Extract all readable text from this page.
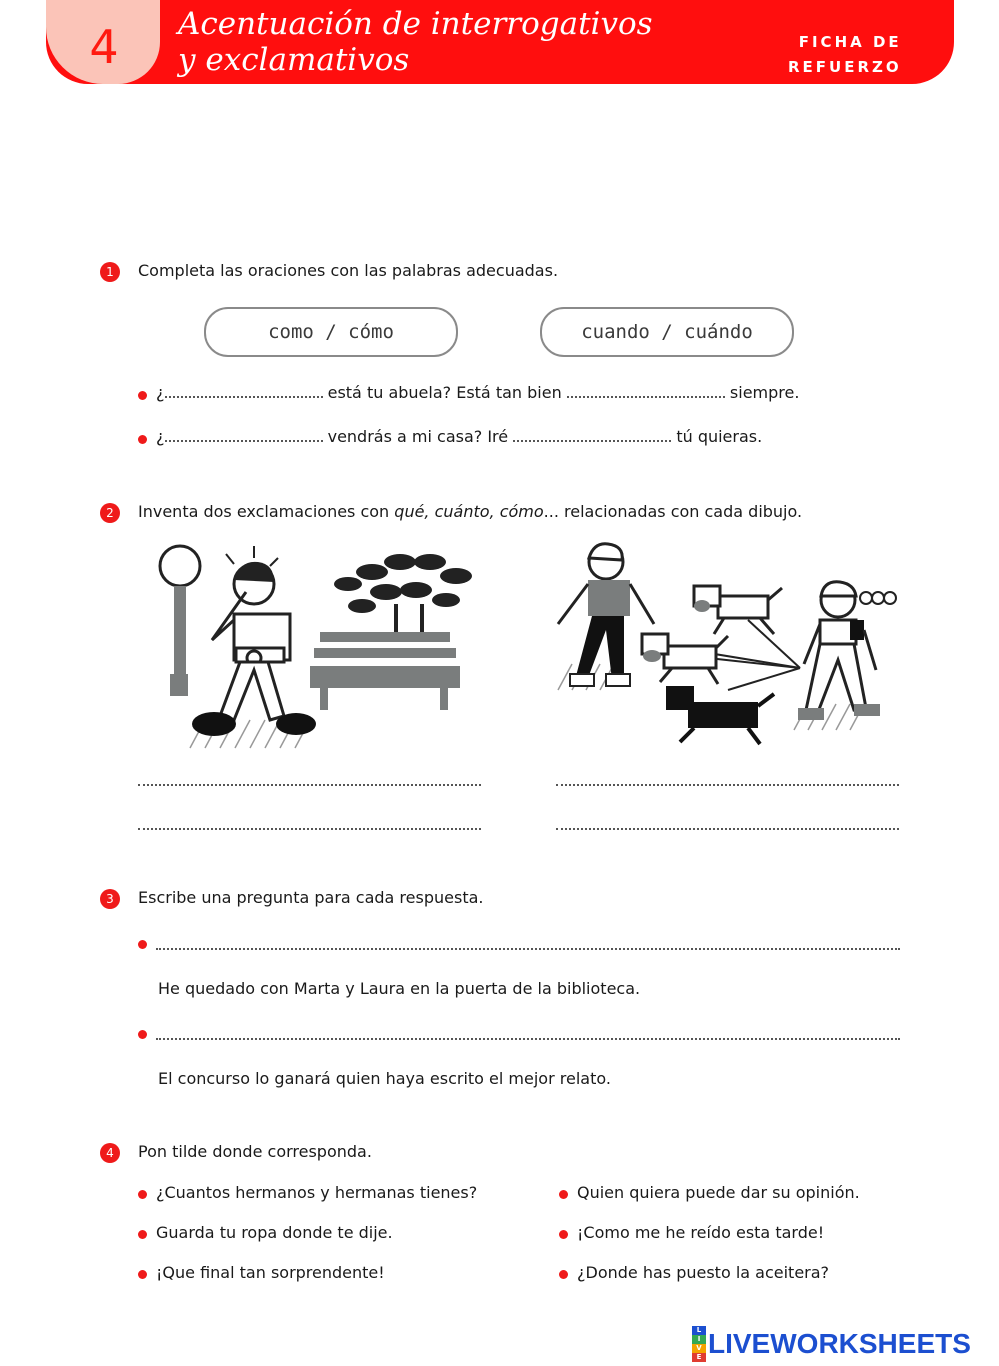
4 Acentuación de interrogativos
y exclamativos	FICHA DE
REFUERZO
1	Completa las oraciones con las palabras adecuadas.
como / cómo	cuando / cuándo
¿	está tu abuela? Está tan bien	siempre.
¿	vendrás a mi casa? Iré	tú quieras.
2	Inventa dos exclamaciones con qué, cuánto, cómo... relacionadas con cada dibujo.
3	Escribe una pregunta para cada respuesta.
He quedado con Marta y Laura en la puerta de la biblioteca.
El concurso lo ganará quien haya escrito el mejor relato.
4	Pon tilde donde corresponda.
¿Cuantos hermanos y hermanas tienes?
Guarda tu ropa donde te dije.
¡Que final tan sorprendente!
Quien quiera puede dar su opinión.
¡Como me he reído esta tarde!
¿Donde has puesto la aceitera?
L
I
V
E LIVEWORKSHEETS
